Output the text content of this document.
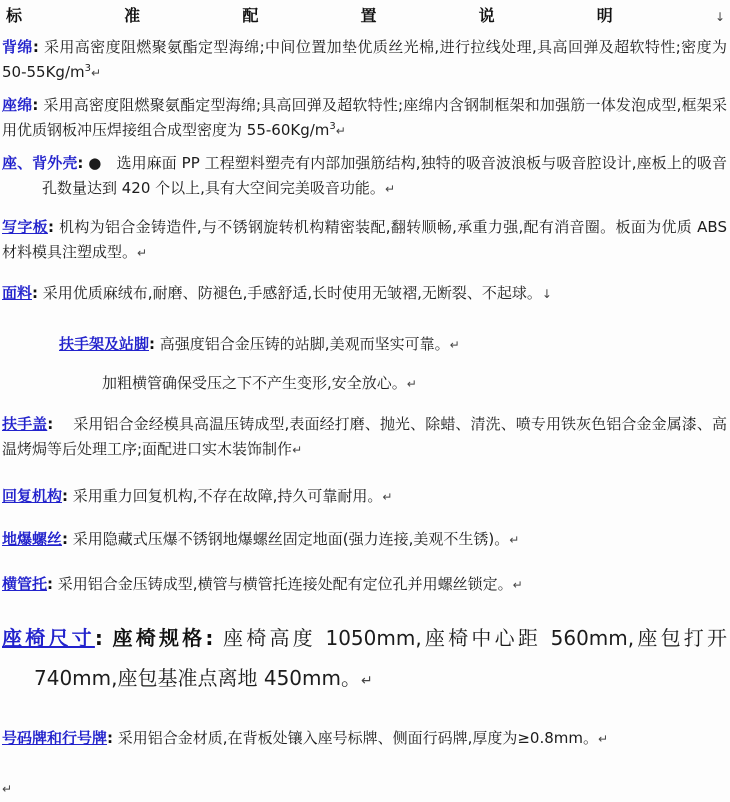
标	准	配	置	说	明	↓

背绵: 采用高密度阻燃聚氨酯定型海绵;中间位置加垫优质丝光棉,进行拉线处理,具高回弹及超软特性;密度为 $50-55Kg/m^3↵$

座绵: 采用高密度阻燃聚氨酯定型海绵;具高回弹及超软特性;座绵内含钢制框架和加强筋一体发泡成型,框架采用优质钢板冲压焊接组合成型密度为 $55-60Kg/m^3↵$

座、背外壳: ●　选用麻面 PP 工程塑料塑壳有内部加强筋结构,独特的吸音波浪板与吸音腔设计,座板上的吸音孔数量达到 420 个以上,具有大空间完美吸音功能。↵

写字板: 机构为铝合金铸造件,与不锈钢旋转机构精密装配,翻转顺畅,承重力强,配有消音圈。板面为优质 ABS 材料模具注塑成型。↵

面料: 采用优质麻绒布,耐磨、防褪色,手感舒适,长时使用无皱褶,无断裂、不起球。↓

扶手架及站脚: 高强度铝合金压铸的站脚,美观而坚实可靠。↵

加粗横管确保受压之下不产生变形,安全放心。↵

扶手盖: 　采用铝合金经模具高温压铸成型,表面经打磨、抛光、除蜡、清洗、喷专用铁灰色铝合金金属漆、高温烤焗等后处理工序;面配进口实木装饰制作↵

回复机构: 采用重力回复机构,不存在故障,持久可靠耐用。↵

地爆螺丝: 采用隐藏式压爆不锈钢地爆螺丝固定地面(强力连接,美观不生锈)。↵

横管托: 采用铝合金压铸成型,横管与横管托连接处配有定位孔并用螺丝锁定。↵

座椅尺寸: 座椅规格: 座椅高度 1050mm,座椅中心距 560mm,座包打开 740mm,座包基准点离地 450mm。↵

号码牌和行号牌: 采用铝合金材质,在背板处镶入座号标牌、侧面行码牌,厚度为≥0.8mm。↵

↵
